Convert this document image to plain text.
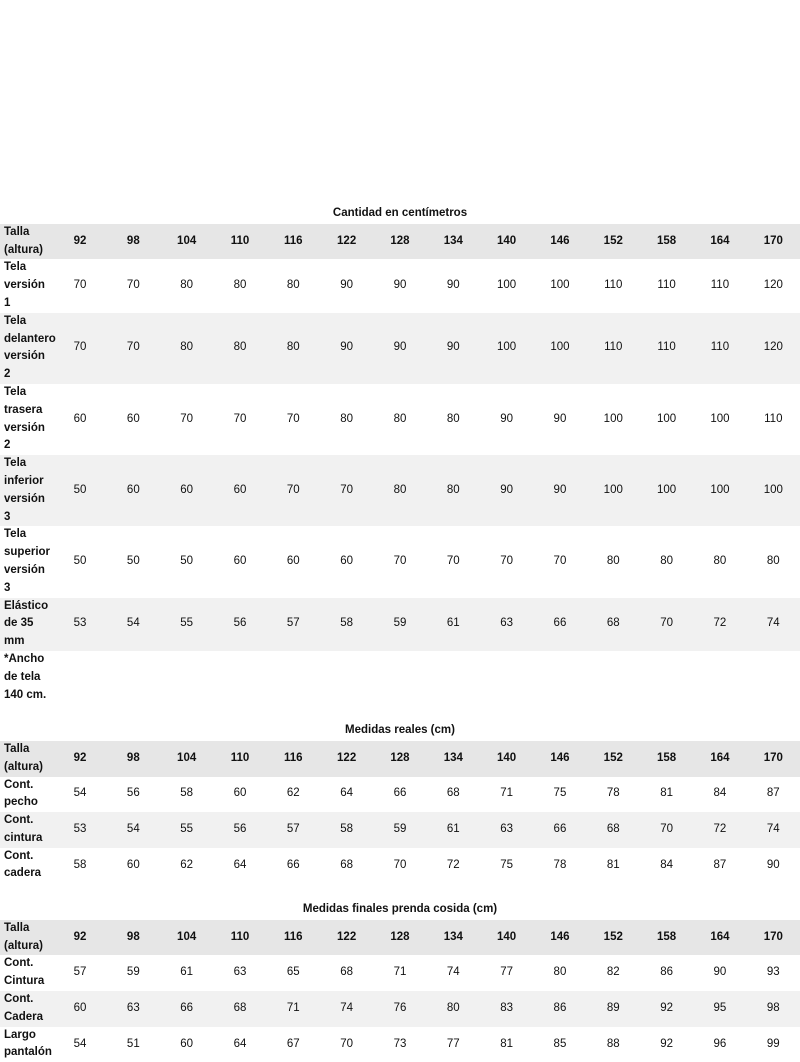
Cantidad en centímetros														
Talla (altura)	92	98	104	110	116	122	128	134	140	146	152	158	164	170
Tela versión 1	70	70	80	80	80	90	90	90	100	100	110	110	110	120
Tela delantero versión 2	70	70	80	80	80	90	90	90	100	100	110	110	110	120
Tela trasera versión 2	60	60	70	70	70	80	80	80	90	90	100	100	100	110
Tela inferior versión 3	50	60	60	60	70	70	80	80	90	90	100	100	100	100
Tela superior versión 3	50	50	50	60	60	60	70	70	70	70	80	80	80	80
Elástico de 35 mm	53	54	55	56	57	58	59	61	63	66	68	70	72	74
*Ancho de tela 140 cm.														

Medidas reales (cm)														
Talla (altura)	92	98	104	110	116	122	128	134	140	146	152	158	164	170
Cont. pecho	54	56	58	60	62	64	66	68	71	75	78	81	84	87
Cont. cintura	53	54	55	56	57	58	59	61	63	66	68	70	72	74
Cont. cadera	58	60	62	64	66	68	70	72	75	78	81	84	87	90

Medidas finales prenda cosida (cm)														
Talla (altura)	92	98	104	110	116	122	128	134	140	146	152	158	164	170
Cont. Cintura	57	59	61	63	65	68	71	74	77	80	82	86	90	93
Cont. Cadera	60	63	66	68	71	74	76	80	83	86	89	92	95	98
Largo pantalón	54	51	60	64	67	70	73	77	81	85	88	92	96	99
